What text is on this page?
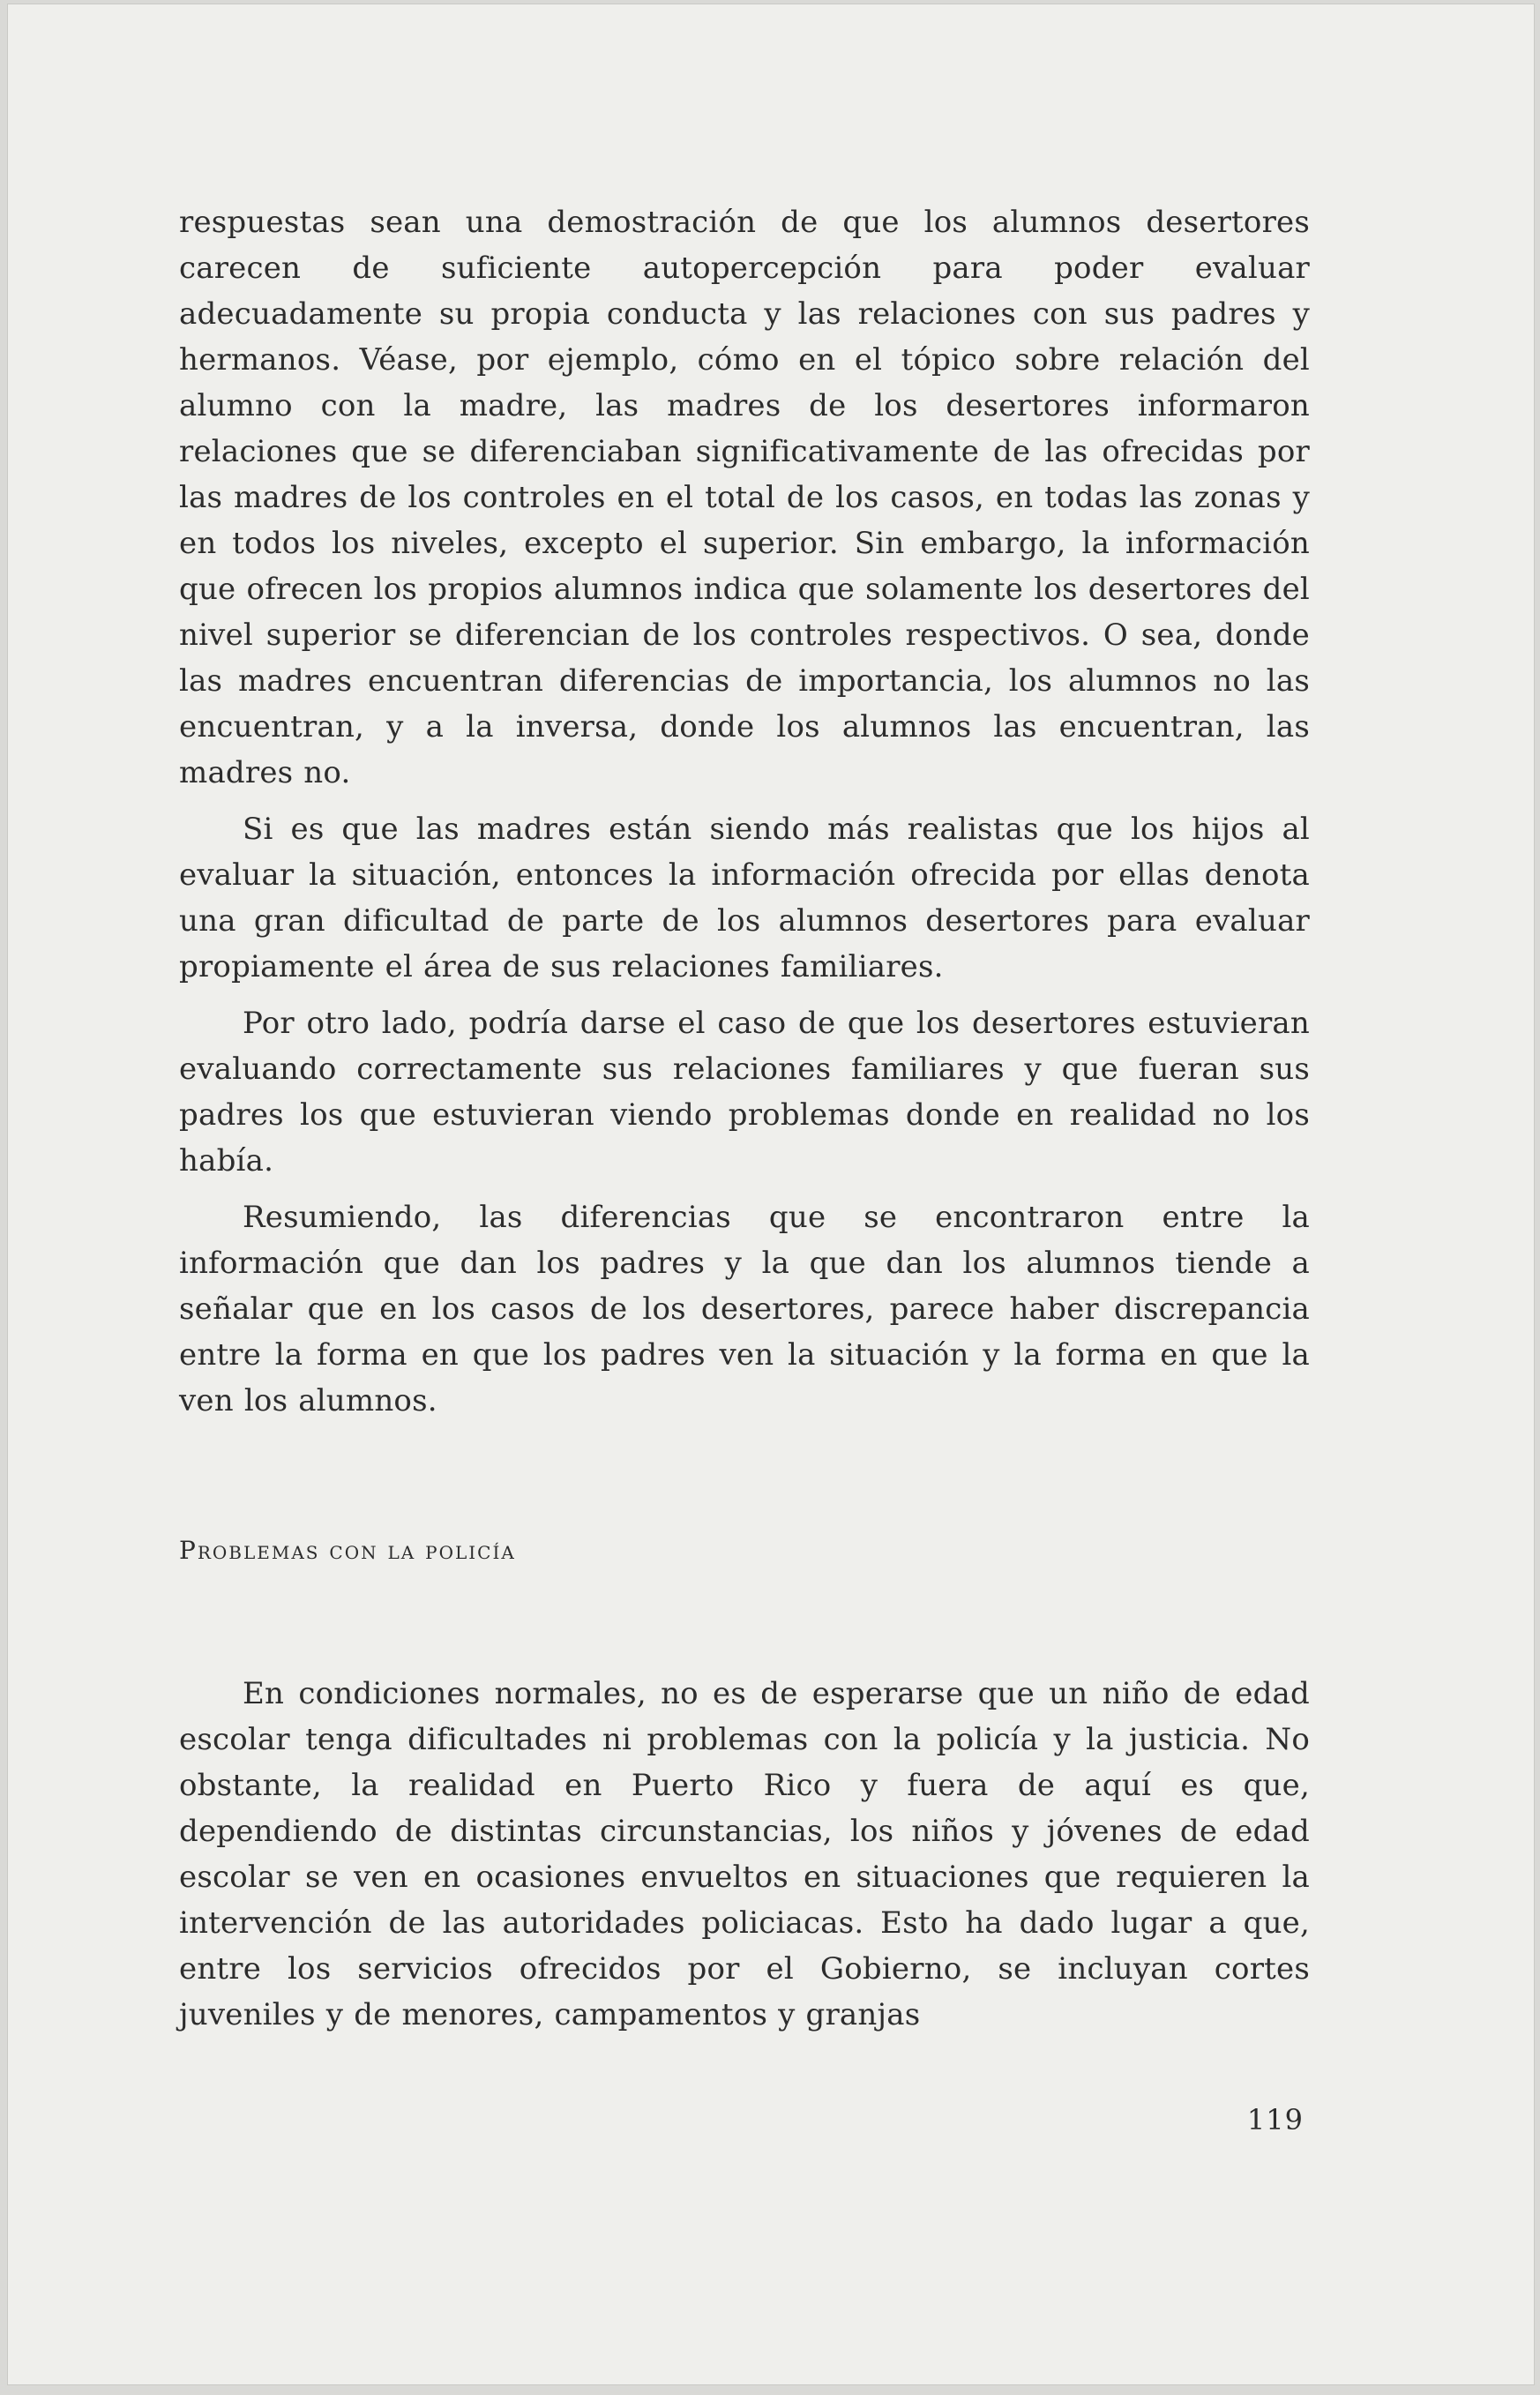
respuestas sean una demostración de que los alumnos desertores carecen de suficiente autopercepción para poder evaluar adecuadamente su propia conducta y las relaciones con sus padres y hermanos. Véase, por ejemplo, cómo en el tópico sobre relación del alumno con la madre, las madres de los desertores informaron relaciones que se diferenciaban significativamente de las ofrecidas por las madres de los controles en el total de los casos, en todas las zonas y en todos los niveles, excepto el superior. Sin embargo, la información que ofrecen los propios alumnos indica que solamente los desertores del nivel superior se diferencian de los controles respectivos. O sea, donde las madres encuentran diferencias de importancia, los alumnos no las encuentran, y a la inversa, donde los alumnos las encuentran, las madres no.

Si es que las madres están siendo más realistas que los hijos al evaluar la situación, entonces la información ofrecida por ellas denota una gran dificultad de parte de los alumnos desertores para evaluar propiamente el área de sus relaciones familiares.

Por otro lado, podría darse el caso de que los desertores estuvieran evaluando correctamente sus relaciones familiares y que fueran sus padres los que estuvieran viendo problemas donde en realidad no los había.

Resumiendo, las diferencias que se encontraron entre la información que dan los padres y la que dan los alumnos tiende a señalar que en los casos de los desertores, parece haber discrepancia entre la forma en que los padres ven la situación y la forma en que la ven los alumnos.

Problemas con la policía

En condiciones normales, no es de esperarse que un niño de edad escolar tenga dificultades ni problemas con la policía y la justicia. No obstante, la realidad en Puerto Rico y fuera de aquí es que, dependiendo de distintas circunstancias, los niños y jóvenes de edad escolar se ven en ocasiones envueltos en situaciones que requieren la intervención de las autoridades policiacas. Esto ha dado lugar a que, entre los servicios ofrecidos por el Gobierno, se incluyan cortes juveniles y de menores, campamentos y granjas

119
